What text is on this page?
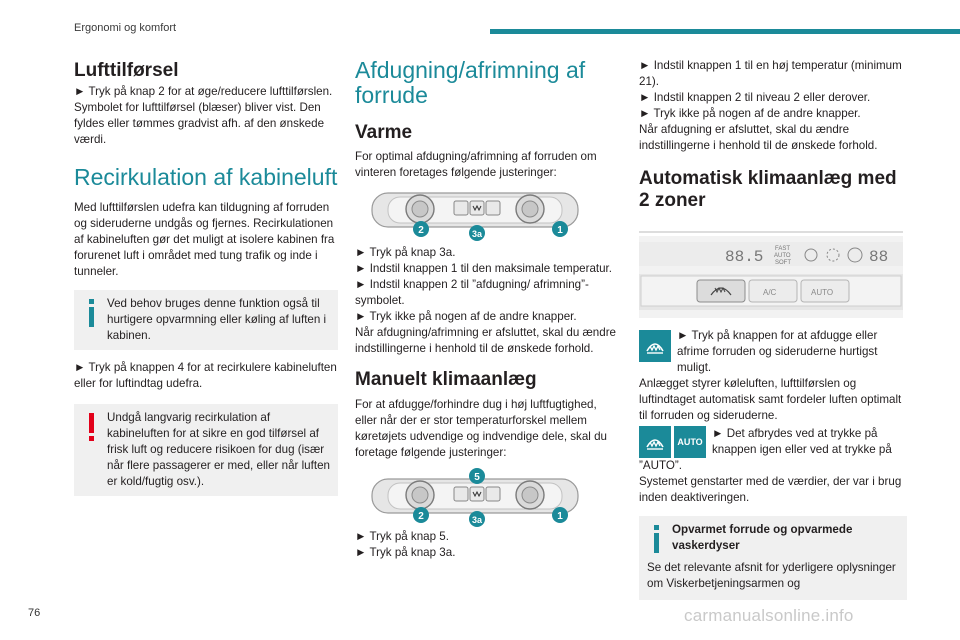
Ergonomi og komfort
Lufttilførsel

► Tryk på knap 2 for at øge/reducere lufttilførslen.

Symbolet for lufttilførsel (blæser) bliver vist. Den fyldes eller tømmes gradvist afh. af den ønskede værdi.

Recirkulation af kabineluft

Med lufttilførslen udefra kan tildugning af forruden og sideruderne undgås og fjernes. Recirkulationen af kabineluften gør det muligt at isolere kabinen fra forurenet luft i området med tung trafik og inde i tunneler.

Ved behov bruges denne funktion også til hurtigere opvarmning eller køling af luften i kabinen.

► Tryk på knappen 4 for at recirkulere kabineluften eller for luftindtag udefra.

Undgå langvarig recirkulation af kabineluften for at sikre en god tilførsel af frisk luft og reducere risikoen for dug (især når flere passagerer er med, eller når luften er kold/fugtig osv.).

Afdugning/afrimning af forrude
Varme

For optimal afdugning/afrimning af forruden om vinteren foretages følgende justeringer:

2	3a	1

► Tryk på knap 3a.

► Indstil knappen 1 til den maksimale temperatur.

► Indstil knappen 2 til ”afdugning/ afrimning”-symbolet.

► Tryk ikke på nogen af de andre knapper.

Når afdugning/afrimning er afsluttet, skal du ændre indstillingerne i henhold til de ønskede forhold.

Manuelt klimaanlæg

For at afdugge/forhindre dug i høj luftfugtighed, eller når der er stor temperaturforskel mellem køretøjets udvendige og indvendige dele, skal du foretage følgende justeringer:

5
2	3a	1

► Tryk på knap 5.

► Tryk på knap 3a.

► Indstil knappen 1 til en høj temperatur (minimum 21).

► Indstil knappen 2 til niveau 2 eller derover.

► Tryk ikke på nogen af de andre knapper.

Når afdugning er afsluttet, skal du ændre indstillingerne i henhold til de ønskede forhold.

Automatisk klimaanlæg med 2 zoner
88.5 FAST
AUTO
SOFT	88
A/C	AUTO

► Tryk på knappen for at afdugge eller afrime forruden og sideruderne hurtigst muligt.

Anlægget styrer køleluften, lufttilførslen og luftindtaget automatisk samt fordeler luften optimalt til forruden og sideruderne.

AUTO

► Det afbrydes ved at trykke på knappen igen eller ved at trykke på ”AUTO”.

Systemet genstarter med de værdier, der var i brug inden deaktiveringen.

Opvarmet forrude og opvarmede vaskerdyser

Se det relevante afsnit for yderligere oplysninger om Viskerbetjeningsarmen og

76	carmanualsonline.info
